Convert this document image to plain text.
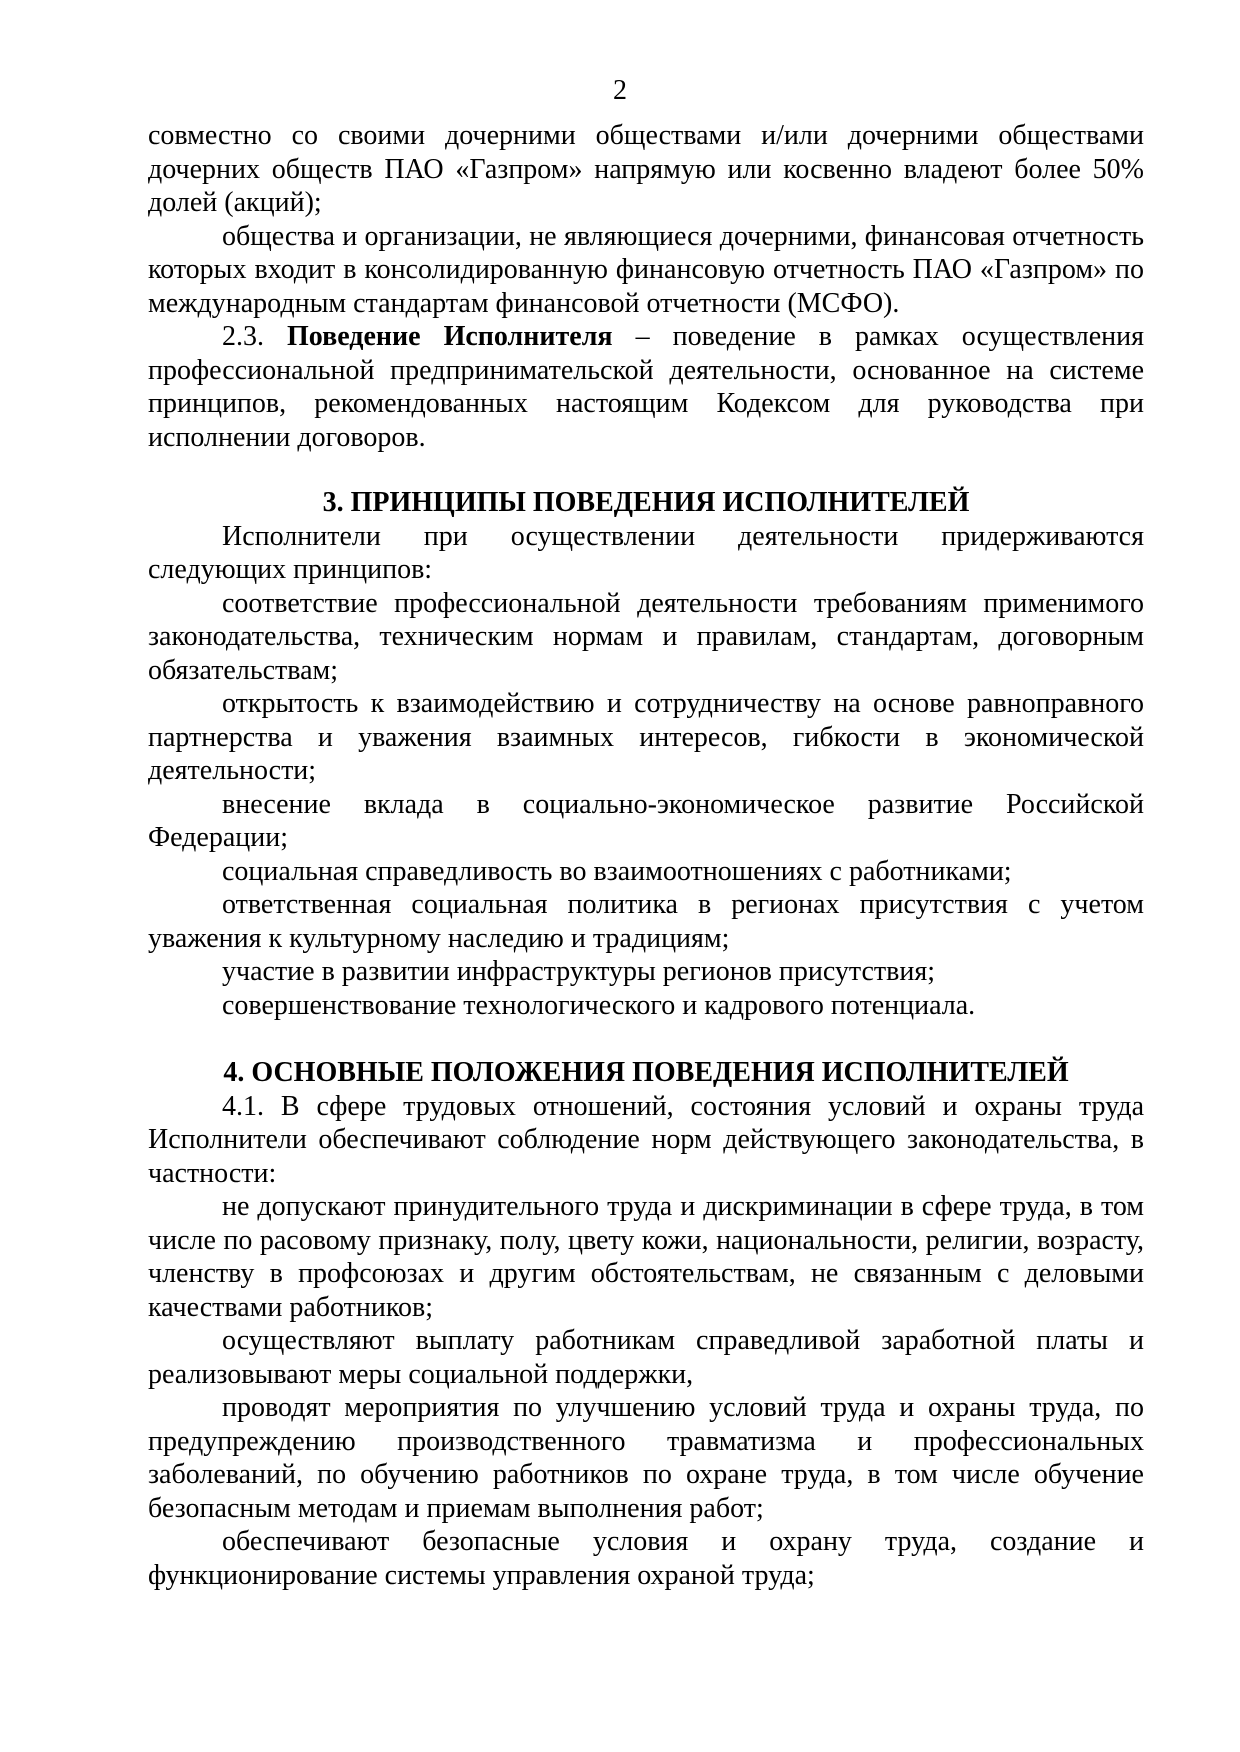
2

совместно со своими дочерними обществами и/или дочерними обществами дочерних обществ ПАО «Газпром» напрямую или косвенно владеют более 50% долей (акций);

общества и организации, не являющиеся дочерними, финансовая отчетность которых входит в консолидированную финансовую отчетность ПАО «Газпром» по международным стандартам финансовой отчетности (МСФО).

2.3. Поведение Исполнителя – поведение в рамках осуществления профессиональной предпринимательской деятельности, основанное на системе принципов, рекомендованных настоящим Кодексом для руководства при исполнении договоров.

3. ПРИНЦИПЫ ПОВЕДЕНИЯ ИСПОЛНИТЕЛЕЙ

Исполнители при осуществлении деятельности придерживаются следующих принципов:

соответствие профессиональной деятельности требованиям применимого законодательства, техническим нормам и правилам, стандартам, договорным обязательствам;

открытость к взаимодействию и сотрудничеству на основе равноправного партнерства и уважения взаимных интересов, гибкости в экономической деятельности;

внесение вклада в социально-экономическое развитие Российской Федерации;

социальная справедливость во взаимоотношениях с работниками;

ответственная социальная политика в регионах присутствия с учетом уважения к культурному наследию и традициям;

участие в развитии инфраструктуры регионов присутствия;

совершенствование технологического и кадрового потенциала.

4. ОСНОВНЫЕ ПОЛОЖЕНИЯ ПОВЕДЕНИЯ ИСПОЛНИТЕЛЕЙ

4.1. В сфере трудовых отношений, состояния условий и охраны труда Исполнители обеспечивают соблюдение норм действующего законодательства, в частности:

не допускают принудительного труда и дискриминации в сфере труда, в том числе по расовому признаку, полу, цвету кожи, национальности, религии, возрасту, членству в профсоюзах и другим обстоятельствам, не связанным с деловыми качествами работников;

осуществляют выплату работникам справедливой заработной платы и реализовывают меры социальной поддержки,

проводят мероприятия по улучшению условий труда и охраны труда, по предупреждению производственного травматизма и профессиональных заболеваний, по обучению работников по охране труда, в том числе обучение безопасным методам и приемам выполнения работ;

обеспечивают безопасные условия и охрану труда, создание и функционирование системы управления охраной труда;
